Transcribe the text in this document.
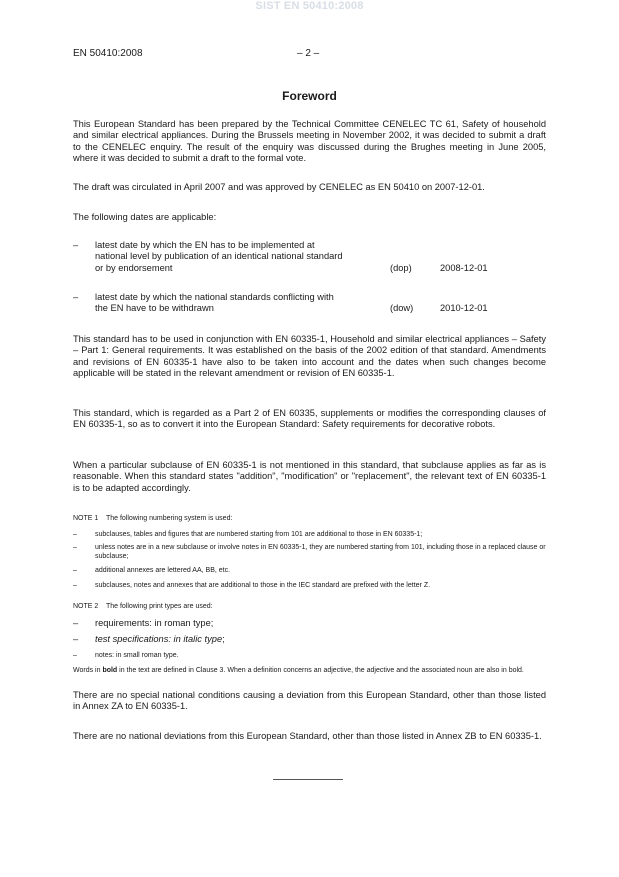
SIST EN 50410:2008
EN 50410:2008	– 2 –
Foreword
This European Standard has been prepared by the Technical Committee CENELEC TC 61, Safety of household and similar electrical appliances. During the Brussels meeting in November 2002, it was decided to submit a draft to the CENELEC enquiry. The result of the enquiry was discussed during the Brughes meeting in June 2005, where it was decided to submit a draft to the formal vote.
The draft was circulated in April 2007 and was approved by CENELEC as EN 50410 on 2007-12-01.
The following dates are applicable:
– latest date by which the EN has to be implemented at national level by publication of an identical national standard or by endorsement	(dop)	2008-12-01
– latest date by which the national standards conflicting with the EN have to be withdrawn	(dow)	2010-12-01
This standard has to be used in conjunction with EN 60335-1, Household and similar electrical appliances – Safety – Part 1: General requirements. It was established on the basis of the 2002 edition of that standard. Amendments and revisions of EN 60335-1 have also to be taken into account and the dates when such changes become applicable will be stated in the relevant amendment or revision of EN 60335-1.
This standard, which is regarded as a Part 2 of EN 60335, supplements or modifies the corresponding clauses of EN 60335-1, so as to convert it into the European Standard: Safety requirements for decorative robots.
When a particular subclause of EN 60335-1 is not mentioned in this standard, that subclause applies as far as is reasonable. When this standard states "addition", "modification" or "replacement", the relevant text of EN 60335-1 is to be adapted accordingly.
NOTE 1 The following numbering system is used:
–	subclauses, tables and figures that are numbered starting from 101 are additional to those in EN 60335-1;
–	unless notes are in a new subclause or involve notes in EN 60335-1, they are numbered starting from 101, including those in a replaced clause or subclause;
–	additional annexes are lettered AA, BB, etc.
–	subclauses, notes and annexes that are additional to those in the IEC standard are prefixed with the letter Z.
NOTE 2 The following print types are used:
– requirements: in roman type;
– test specifications: in italic type;
–	notes: in small roman type.
Words in bold in the text are defined in Clause 3. When a definition concerns an adjective, the adjective and the associated noun are also in bold.
There are no special national conditions causing a deviation from this European Standard, other than those listed in Annex ZA to EN 60335-1.
There are no national deviations from this European Standard, other than those listed in Annex ZB to EN 60335-1.
